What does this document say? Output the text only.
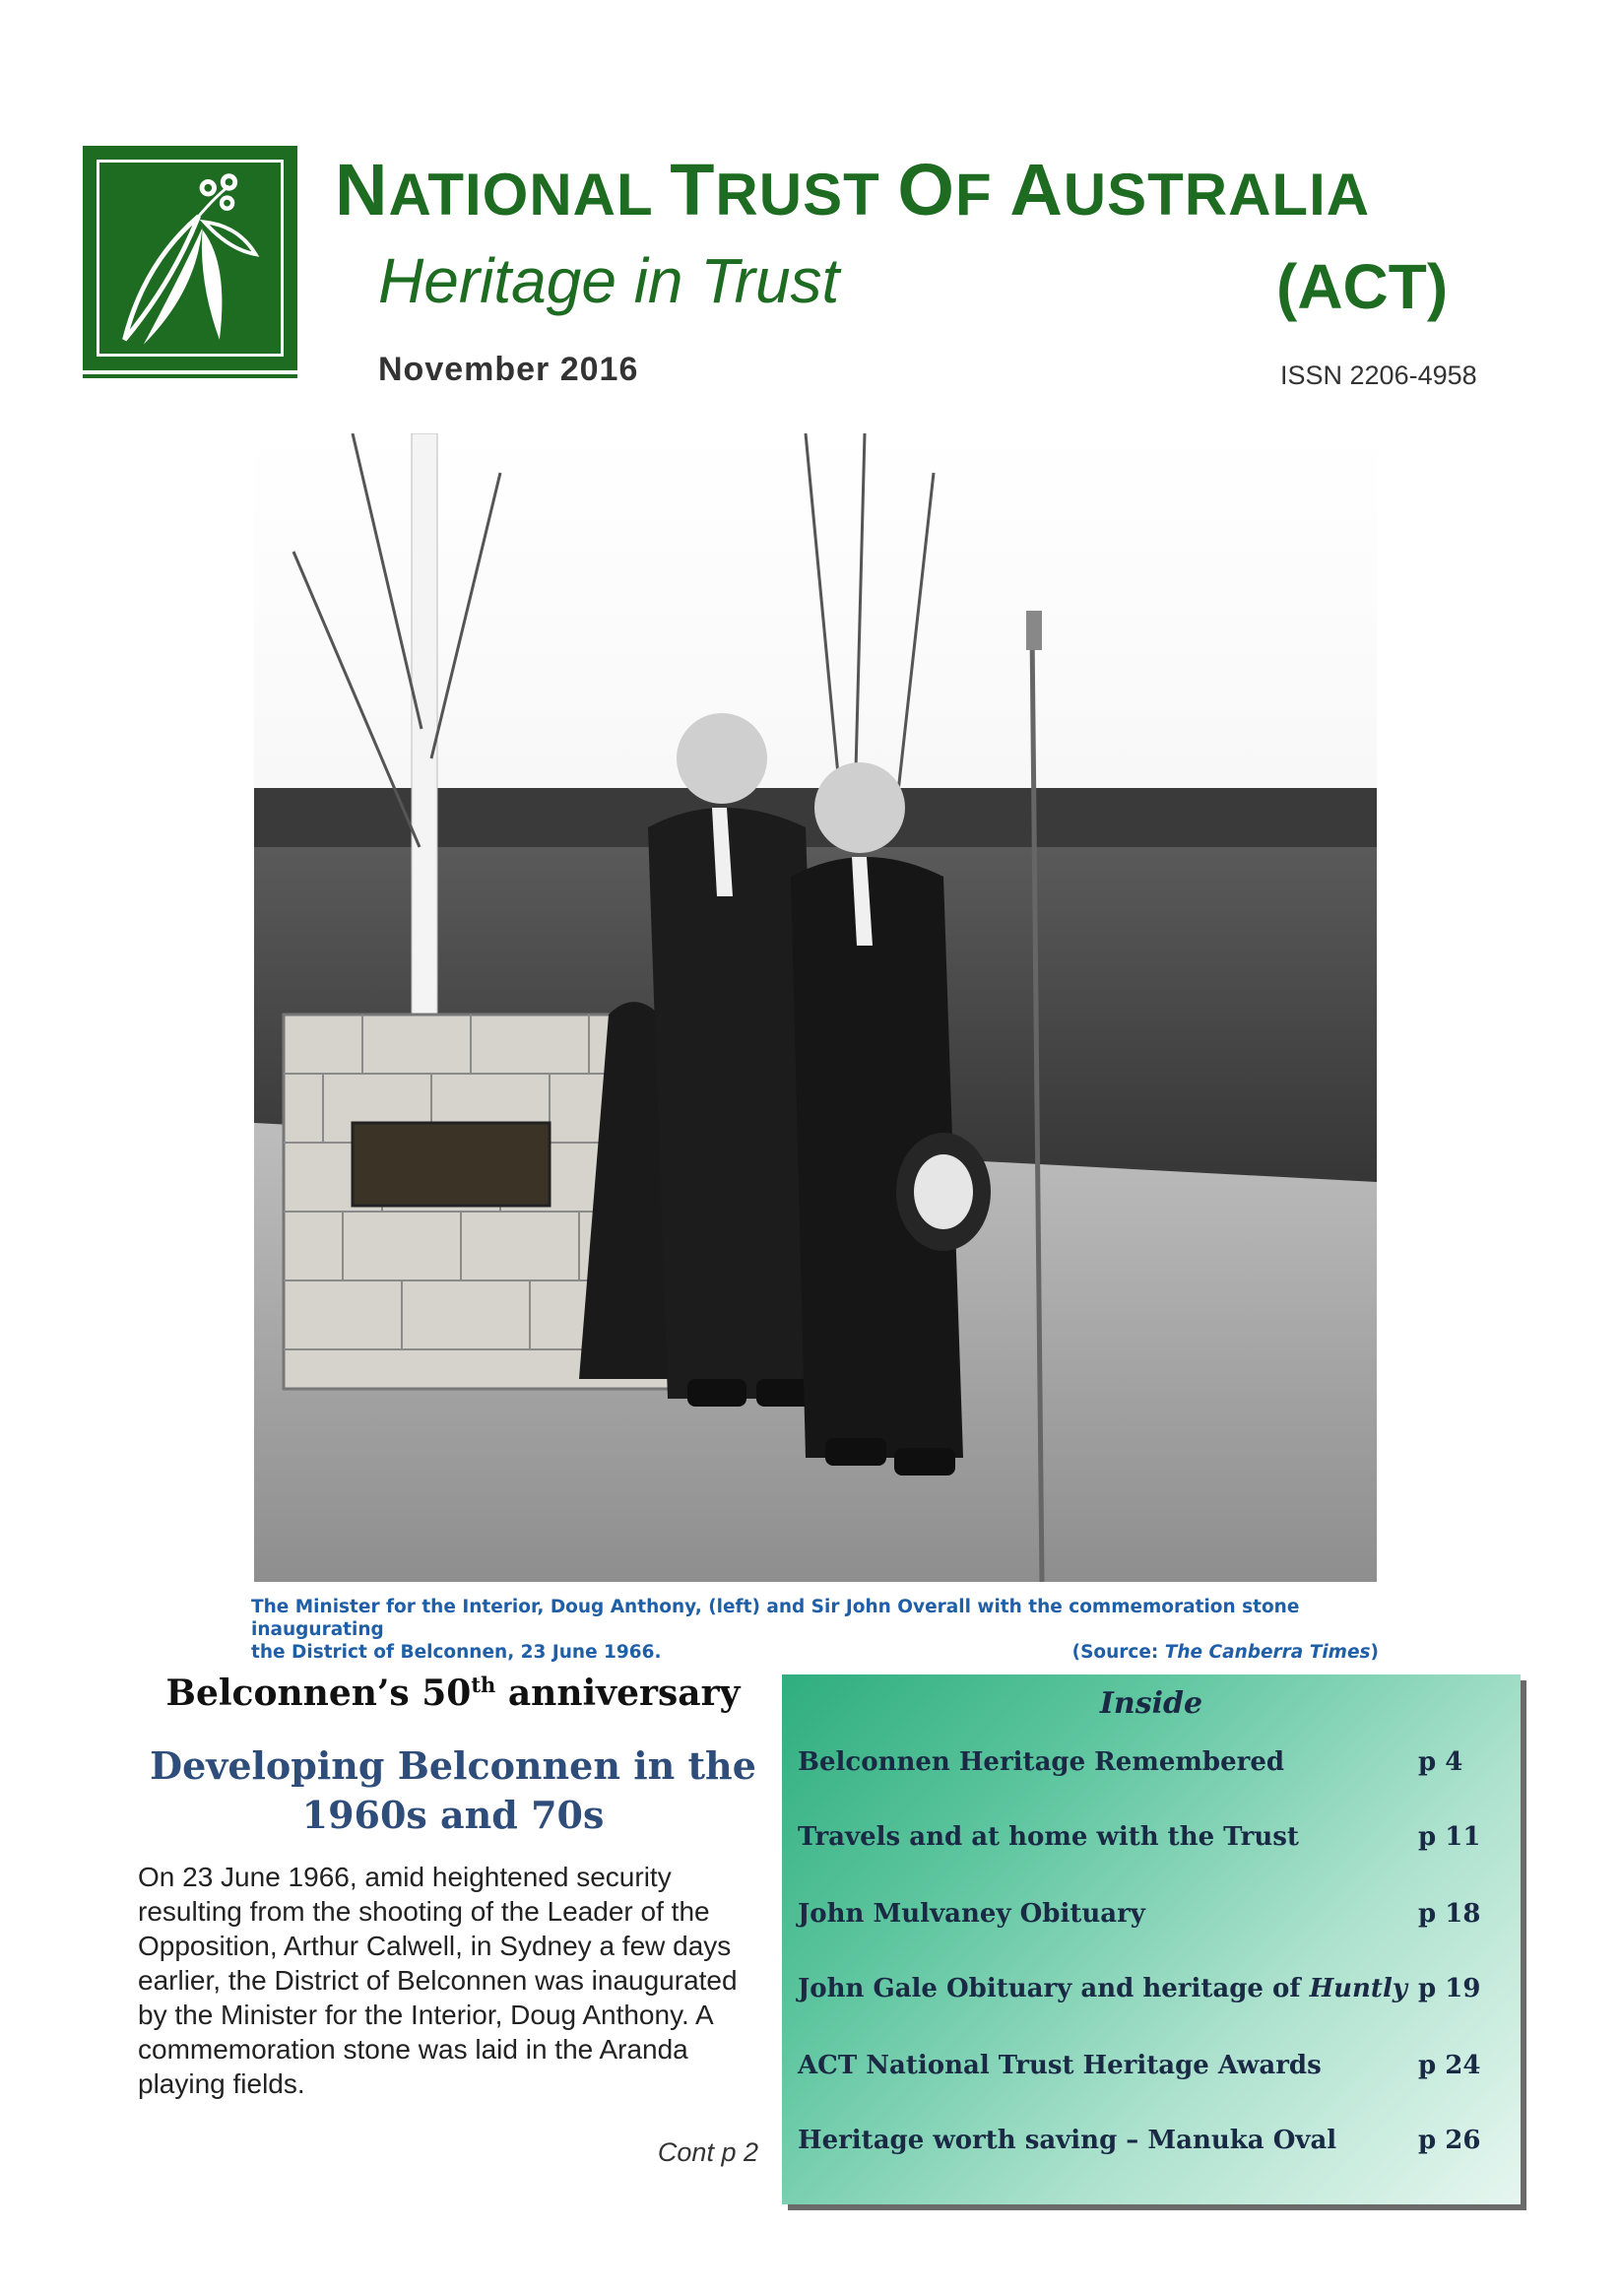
NATIONAL TRUST OF AUSTRALIA
Heritage in Trust	(ACT)
November 2016	ISSN 2206-4958
The Minister for the Interior, Doug Anthony, (left) and Sir John Overall with the commemoration stone inaugurating
the District of Belconnen, 23 June 1966.	(Source: The Canberra Times)
Belconnen’s 50th anniversary
Developing Belconnen in the
1960s and 70s
On 23 June 1966, amid heightened security resulting from the shooting of the Leader of the Opposition, Arthur Calwell, in Sydney a few days earlier, the District of Belconnen was inaugurated by the Minister for the Interior, Doug Anthony. A commemoration stone was laid in the Aranda playing fields.
Cont p 2
Inside
Belconnen Heritage Remembered	p 4
Travels and at home with the Trust	p 11
John Mulvaney Obituary	p 18
John Gale Obituary and heritage of Huntly p 19
ACT National Trust Heritage Awards	p 24
Heritage worth saving – Manuka Oval	p 26
